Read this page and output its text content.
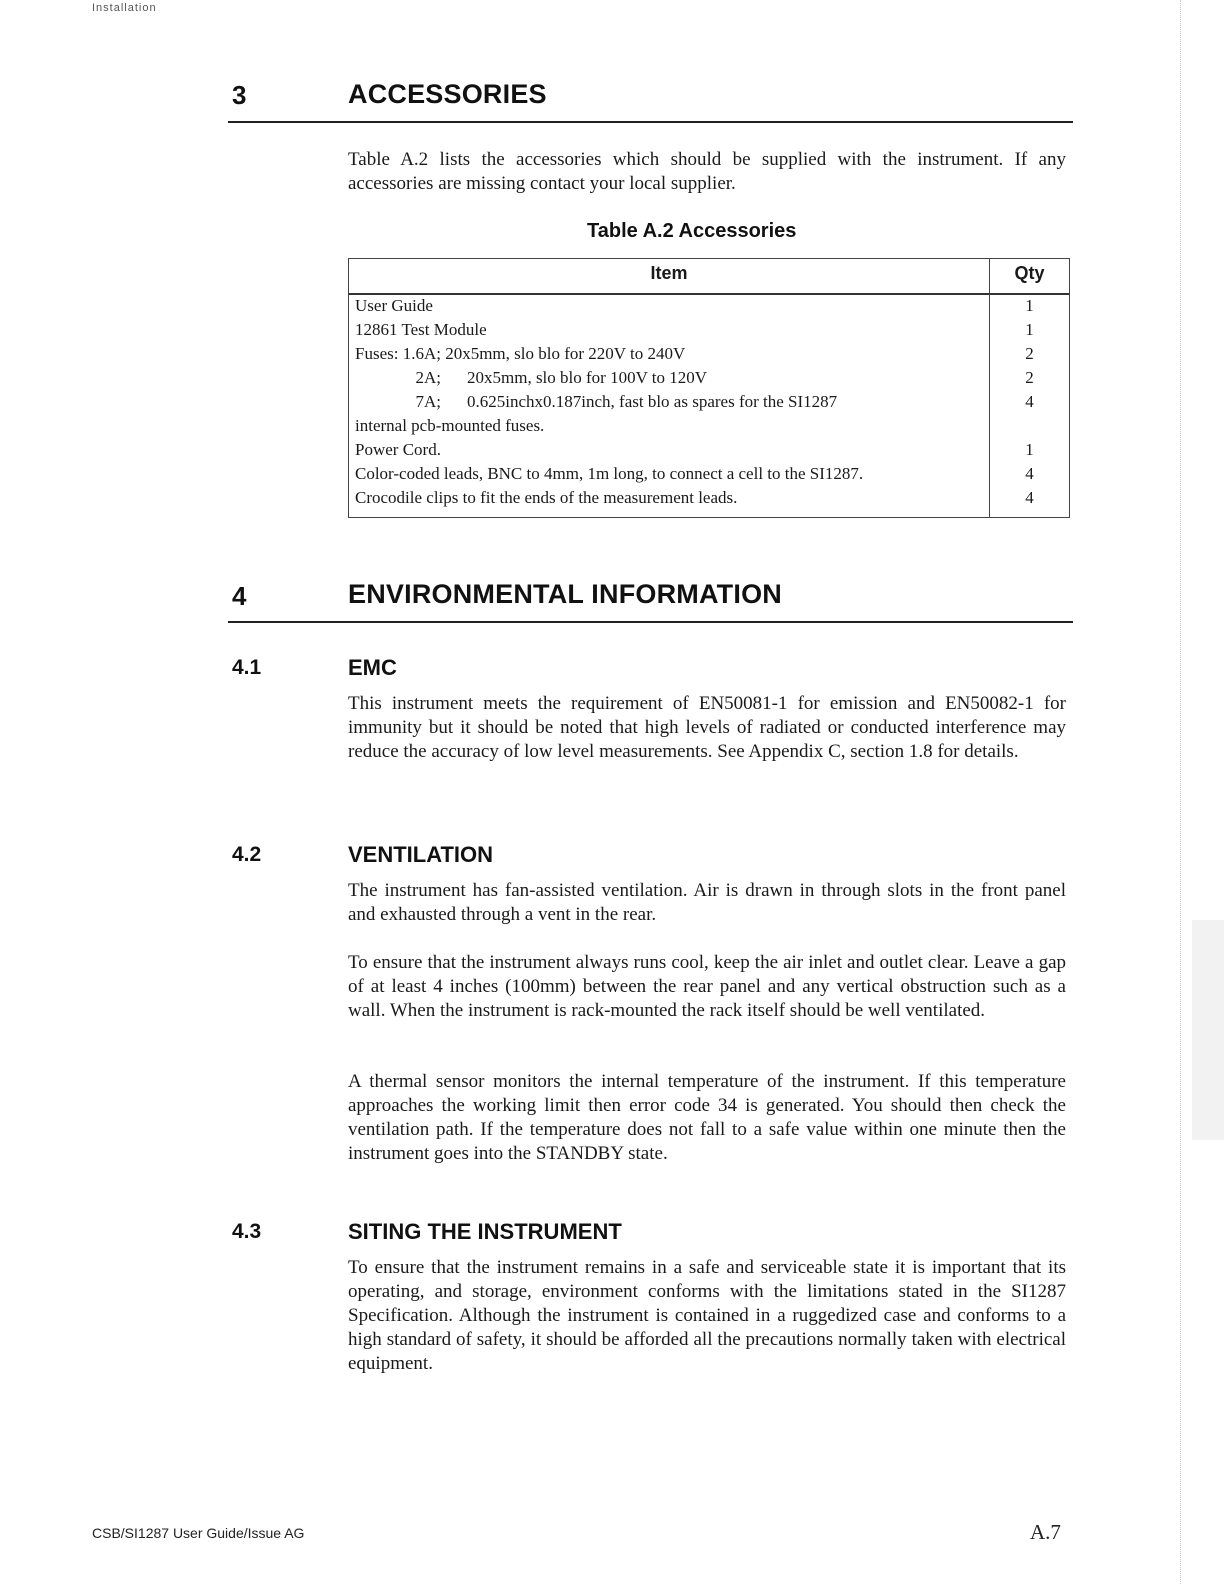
Installation
3	ACCESSORIES
Table A.2 lists the accessories which should be supplied with the instrument. If any accessories are missing contact your local supplier.
Table A.2 Accessories
Item	Qty
User Guide	1
12861 Test Module	1
Fuses: 1.6A; 20x5mm, slo blo for 220V to 240V	2
2A; 20x5mm, slo blo for 100V to 120V	2
7A; 0.625inchx0.187inch, fast blo as spares for the SI1287	4
internal pcb-mounted fuses.
Power Cord.	1
Color-coded leads, BNC to 4mm, 1m long, to connect a cell to the SI1287.	4
Crocodile clips to fit the ends of the measurement leads.	4
4	ENVIRONMENTAL INFORMATION
4.1	EMC
This instrument meets the requirement of EN50081-1 for emission and EN50082-1 for immunity but it should be noted that high levels of radiated or conducted interference may reduce the accuracy of low level measurements. See Appendix C, section 1.8 for details.
4.2	VENTILATION
The instrument has fan-assisted ventilation. Air is drawn in through slots in the front panel and exhausted through a vent in the rear.
To ensure that the instrument always runs cool, keep the air inlet and outlet clear. Leave a gap of at least 4 inches (100mm) between the rear panel and any vertical obstruction such as a wall. When the instrument is rack-mounted the rack itself should be well ventilated.
A thermal sensor monitors the internal temperature of the instrument. If this temperature approaches the working limit then error code 34 is generated. You should then check the ventilation path. If the temperature does not fall to a safe value within one minute then the instrument goes into the STANDBY state.
4.3	SITING THE INSTRUMENT
To ensure that the instrument remains in a safe and serviceable state it is important that its operating, and storage, environment conforms with the limitations stated in the SI1287 Specification. Although the instrument is contained in a ruggedized case and conforms to a high standard of safety, it should be afforded all the precautions normally taken with electrical equipment.
CSB/SI1287 User Guide/Issue AG	A.7
